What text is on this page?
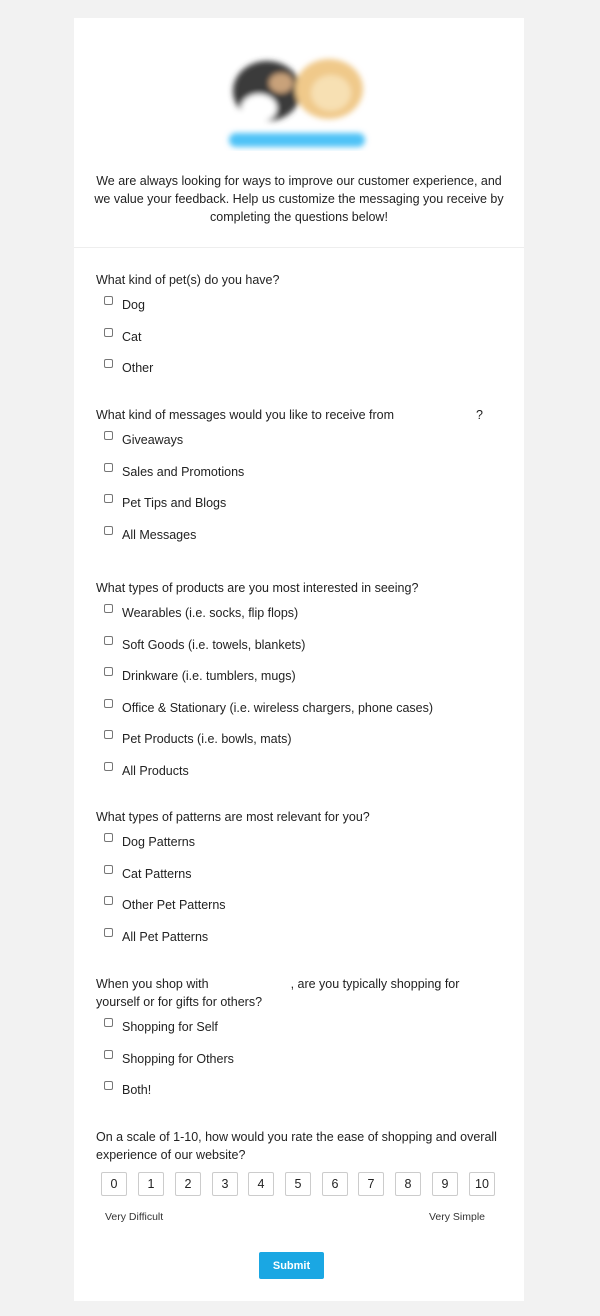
We are always looking for ways to improve our customer experience, and we value your feedback. Help us customize the messaging you receive by completing the questions below!

What kind of pet(s) do you have?

Dog
Cat
Other

What kind of messages would you like to receive from	?

Giveaways
Sales and Promotions
Pet Tips and Blogs
All Messages

What types of products are you most interested in seeing?

Wearables (i.e. socks, flip flops)
Soft Goods (i.e. towels, blankets)
Drinkware (i.e. tumblers, mugs)
Office & Stationary (i.e. wireless chargers, phone cases)
Pet Products (i.e. bowls, mats)
All Products

What types of patterns are most relevant for you?

Dog Patterns
Cat Patterns
Other Pet Patterns
All Pet Patterns

When you shop with	, are you typically shopping for yourself or for gifts for others?

Shopping for Self
Shopping for Others
Both!

On a scale of 1-10, how would you rate the ease of shopping and overall experience of our website?

0	1	2	3	4	5	6	7	8	9	10
Very Difficult	Very Simple
Submit
